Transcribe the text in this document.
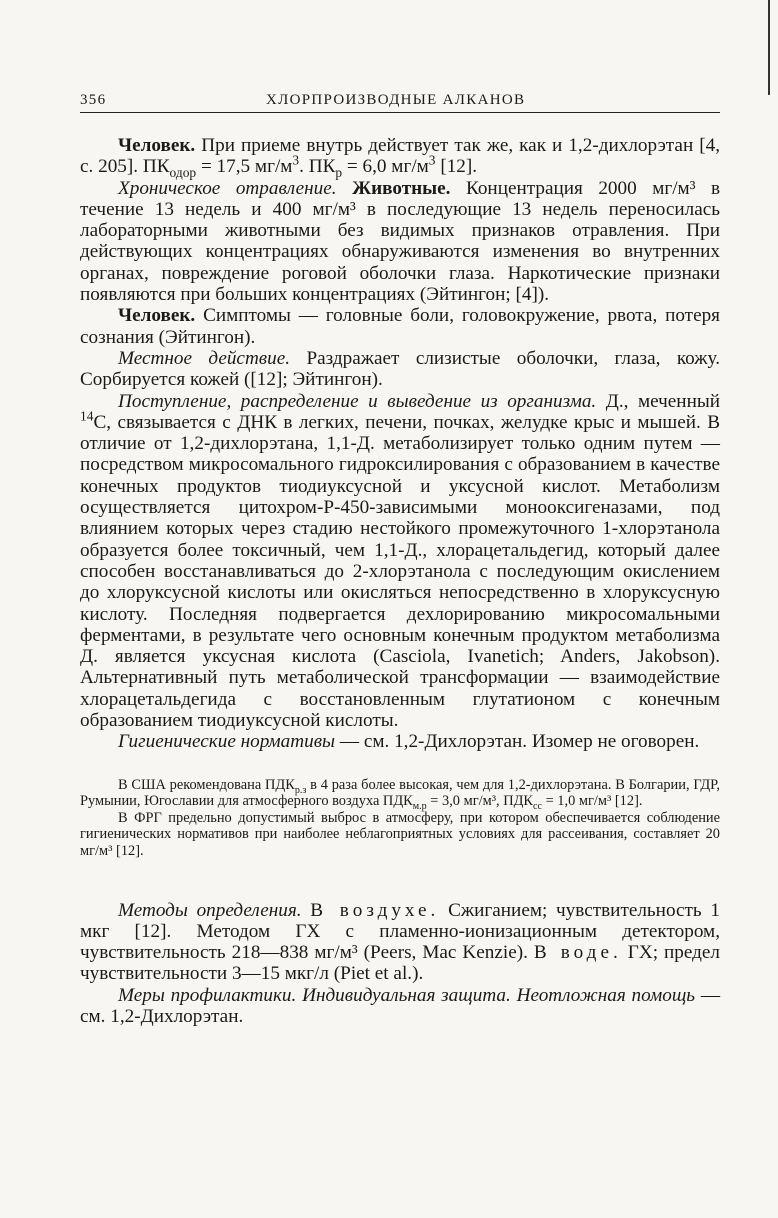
356	ХЛОРПРОИЗВОДНЫЕ АЛКАНОВ

Человек. При приеме внутрь действует так же, как и 1,2-дихлорэтан [4, с. 205]. $ПК_{одор} = 17,5$ $мг/м^3$. $ПК_р = 6,0$ $мг/м^3$ [12].

Хроническое отравление. Животные. Концентрация 2000 мг/м³ в течение 13 недель и 400 мг/м³ в последующие 13 недель переносилась лабораторными животными без видимых признаков отравления. При действующих концентрациях обнаруживаются изменения во внутренних органах, повреждение роговой оболочки глаза. Наркотические признаки появляются при больших концентрациях (Эйтингон; [4]).

Человек. Симптомы — головные боли, головокружение, рвота, потеря сознания (Эйтингон).

Местное действие. Раздражает слизистые оболочки, глаза, кожу. Сорбируется кожей ([12]; Эйтингон).

Поступление, распределение и выведение из организма. Д., меченный $^{14}$С, связывается с ДНК в легких, печени, почках, желудке крыс и мышей. В отличие от 1,2-дихлорэтана, 1,1-Д. метаболизирует только одним путем — посредством микросомального гидроксилирования с образованием в качестве конечных продуктов тиодиуксусной и уксусной кислот. Метаболизм осуществляется цитохром-Р-450-зависимыми монооксигеназами, под влиянием которых через стадию нестойкого промежуточного 1-хлорэтанола образуется более токсичный, чем 1,1-Д., хлорацетальдегид, который далее способен восстанавливаться до 2-хлорэтанола с последующим окислением до хлоруксусной кислоты или окисляться непосредственно в хлоруксусную кислоту. Последняя подвергается дехлорированию микросомальными ферментами, в результате чего основным конечным продуктом метаболизма Д. является уксусная кислота (Casciola, Ivanetich; Anders, Jakobson). Альтернативный путь метаболической трансформации — взаимодействие хлорацетальдегида с восстановленным глутатионом с конечным образованием тиодиуксусной кислоты.

Гигиенические нормативы — см. 1,2-Дихлорэтан. Изомер не оговорен.

В США рекомендована $ПДК_{р.з}$ в 4 раза более высокая, чем для 1,2-дихлорэтана. В Болгарии, ГДР, Румынии, Югославии для атмосферного воздуха $ПДК_{м.р} = 3,0$ мг/м³, $ПДК_{сс} = 1,0$ мг/м³ [12].

В ФРГ предельно допустимый выброс в атмосферу, при котором обеспечивается соблюдение гигиенических нормативов при наиболее неблагоприятных условиях для рассеивания, составляет 20 мг/м³ [12].

Методы определения. В воздухе. Сжиганием; чувствительность 1 мкг [12]. Методом ГХ с пламенно-ионизационным детектором, чувствительность 218—838 мг/м³ (Peers, Mac Kenzie). В воде. ГХ; предел чувствительности 3—15 мкг/л (Piet et al.).

Меры профилактики. Индивидуальная защита. Неотложная помощь — см. 1,2-Дихлорэтан.
